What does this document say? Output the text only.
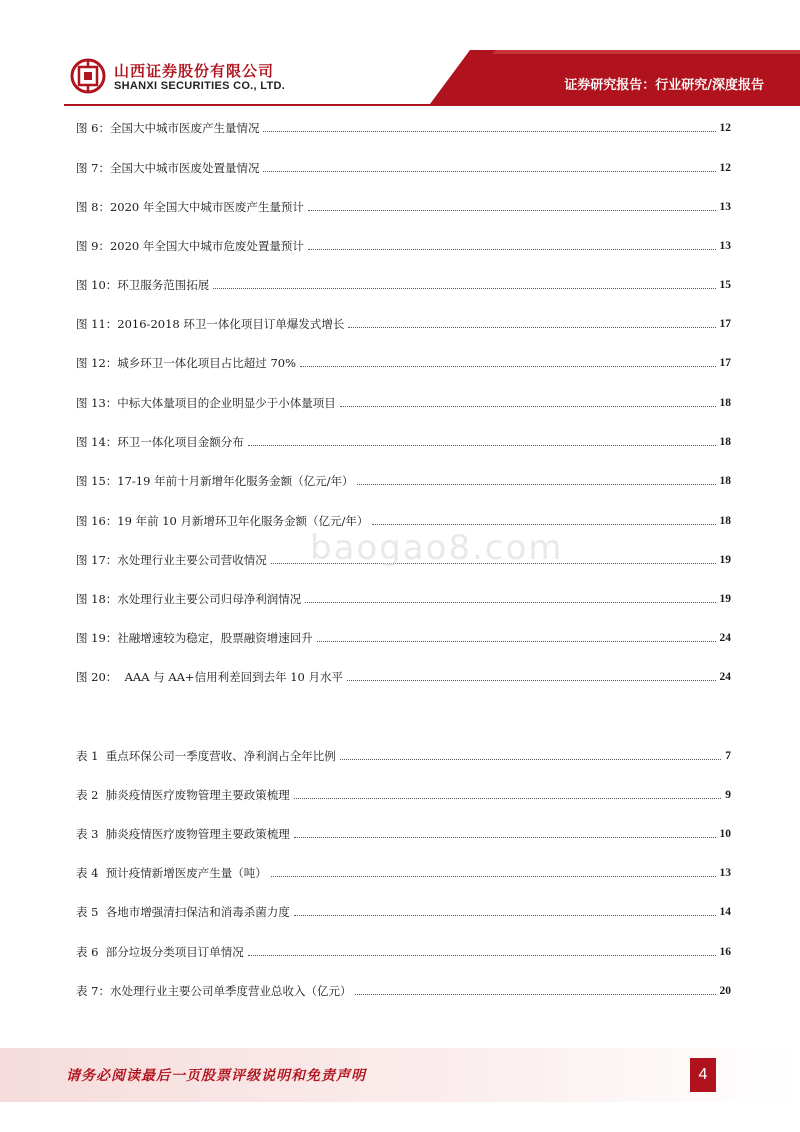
山西证券股份有限公司
SHANXI SECURITIES CO., LTD.	证券研究报告：行业研究/深度报告
图 6：全国大中城市医废产生量情况	12
图 7：全国大中城市医废处置量情况	12
图 8：2020 年全国大中城市医废产生量预计	13
图 9：2020 年全国大中城市危废处置量预计	13
图 10：环卫服务范围拓展	15
图 11：2016-2018 环卫一体化项目订单爆发式增长	17
图 12：城乡环卫一体化项目占比超过 70%	17
图 13：中标大体量项目的企业明显少于小体量项目	18
图 14：环卫一体化项目金额分布	18
图 15：17-19 年前十月新增年化服务金额（亿元/年）	18
图 16：19 年前 10 月新增环卫年化服务金额（亿元/年）	18
图 17：水处理行业主要公司营收情况	19
图 18：水处理行业主要公司归母净利润情况	19
图 19：社融增速较为稳定，股票融资增速回升	24
图 20：  AAA 与 AA+信用利差回到去年 10 月水平	24
表 1  重点环保公司一季度营收、净利润占全年比例	7
表 2  肺炎疫情医疗废物管理主要政策梳理	9
表 3  肺炎疫情医疗废物管理主要政策梳理	10
表 4  预计疫情新增医废产生量（吨）	13
表 5  各地市增强清扫保洁和消毒杀菌力度	14
表 6  部分垃圾分类项目订单情况	16
表 7：水处理行业主要公司单季度营业总收入（亿元）	20
baogao8.com
请务必阅读最后一页股票评级说明和免责声明	4
